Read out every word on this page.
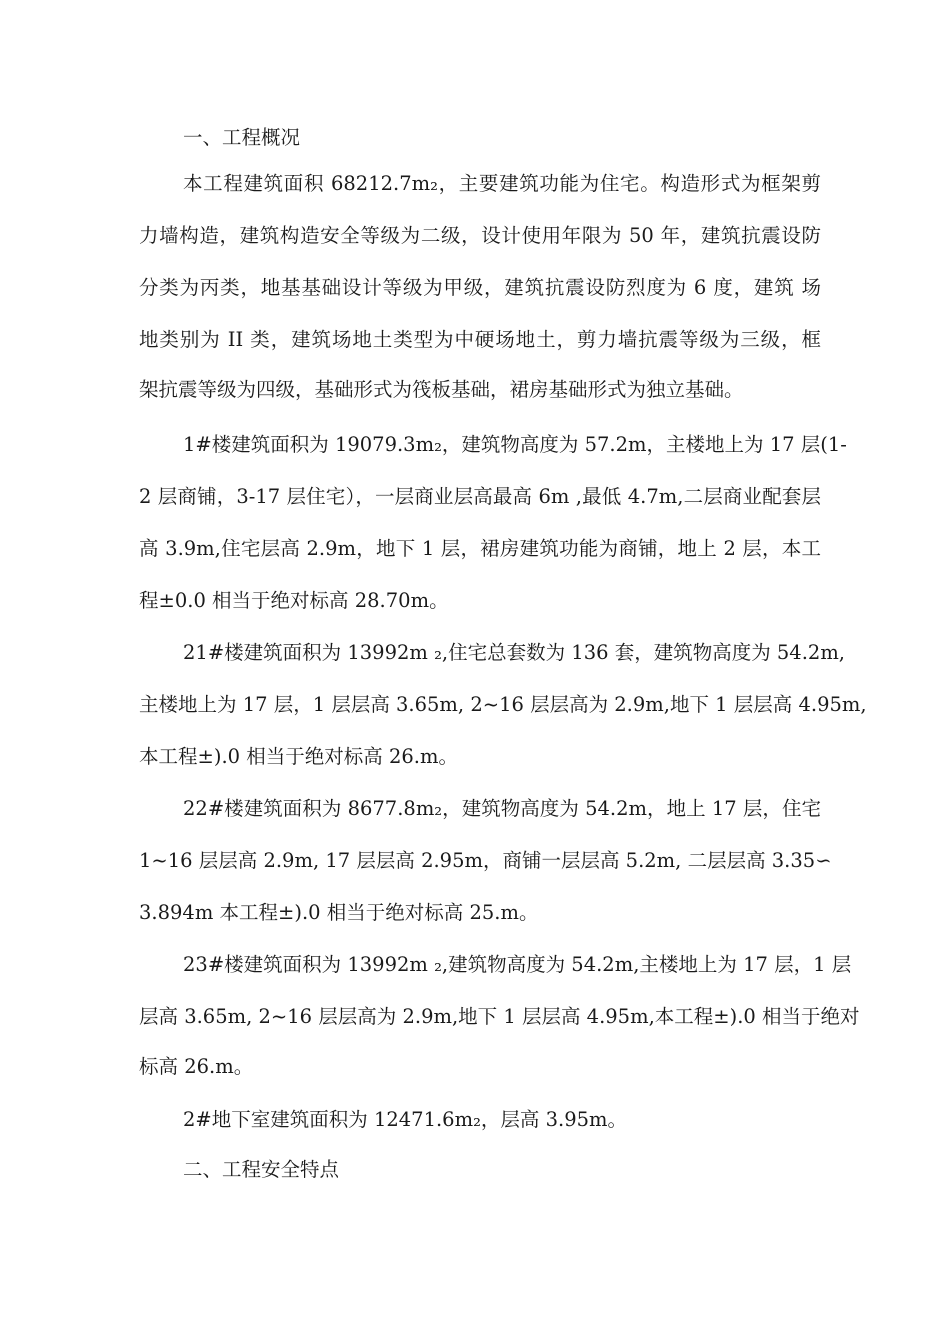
一、工程概况
本工程建筑面积 68212.7m₂，主要建筑功能为住宅。构造形式为框架剪
力墙构造，建筑构造安全等级为二级，设计使用年限为 50 年，建筑抗震设防
分类为丙类，地基基础设计等级为甲级，建筑抗震设防烈度为 6 度，建筑 场
地类别为 II 类，建筑场地土类型为中硬场地土，剪力墙抗震等级为三级，框
架抗震等级为四级，基础形式为筏板基础，裙房基础形式为独立基础。
1#楼建筑面积为 19079.3m₂，建筑物高度为 57.2m，主楼地上为 17 层(1-
2 层商铺，3-17 层住宅），一层商业层高最高 6m ,最低 4.7m,二层商业配套层
高 3.9m,住宅层高 2.9m，地下 1 层，裙房建筑功能为商铺，地上 2 层，本工
程±0.0 相当于绝对标高 28.70m。
21#楼建筑面积为 13992m ₂,住宅总套数为 136 套，建筑物高度为 54.2m,
主楼地上为 17 层，1 层层高 3.65m, 2~16 层层高为 2.9m,地下 1 层层高 4.95m,
本工程±).0 相当于绝对标高 26.m。
22#楼建筑面积为 8677.8m₂，建筑物高度为 54.2m，地上 17 层，住宅
1~16 层层高 2.9m, 17 层层高 2.95m，商铺一层层高 5.2m, 二层层高 3.35∽
3.894m 本工程±).0 相当于绝对标高 25.m。
23#楼建筑面积为 13992m ₂,建筑物高度为 54.2m,主楼地上为 17 层，1 层
层高 3.65m, 2~16 层层高为 2.9m,地下 1 层层高 4.95m,本工程±).0 相当于绝对
标高 26.m。
2#地下室建筑面积为 12471.6m₂，层高 3.95m。
二、工程安全特点
